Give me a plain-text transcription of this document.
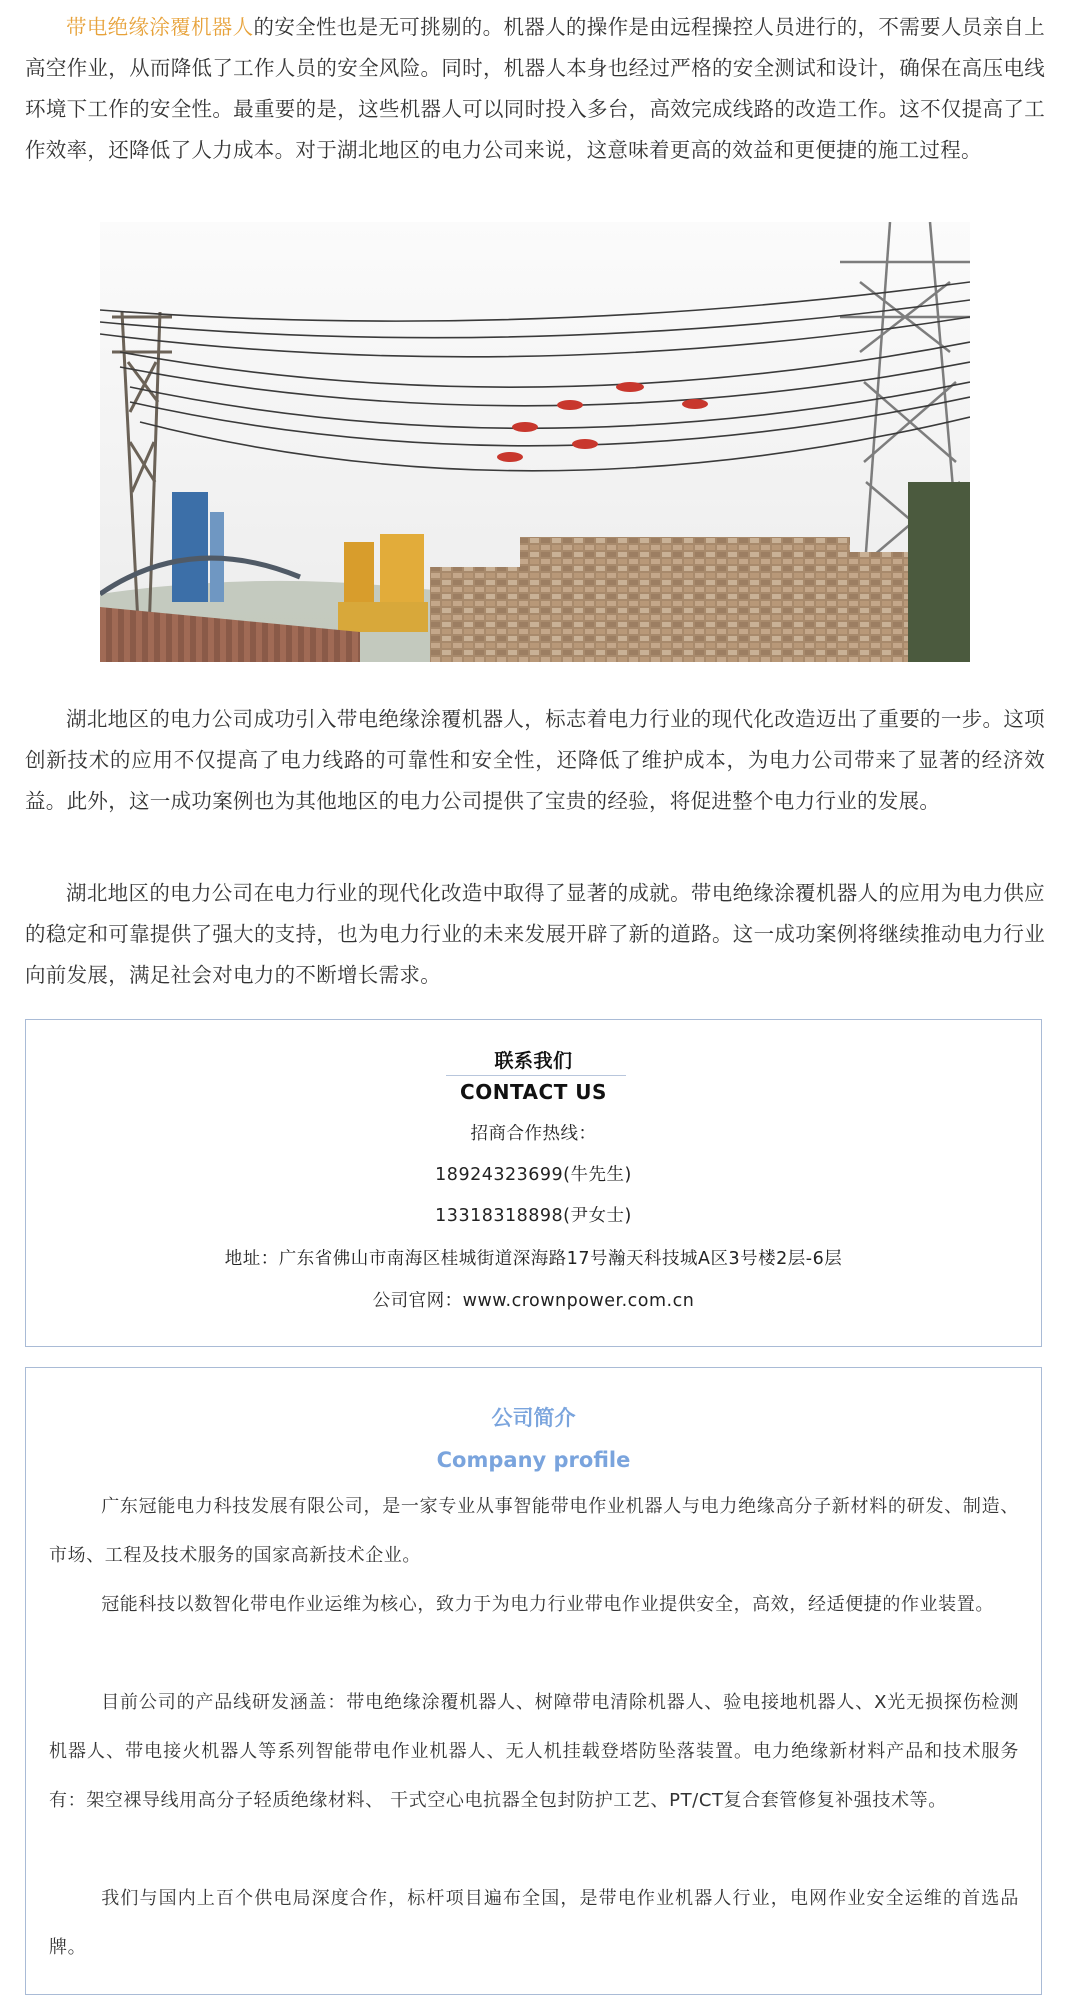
带电绝缘涂覆机器人的安全性也是无可挑剔的。机器人的操作是由远程操控人员进行的，不需要人员亲自上高空作业，从而降低了工作人员的安全风险。同时，机器人本身也经过严格的安全测试和设计，确保在高压电线环境下工作的安全性。最重要的是，这些机器人可以同时投入多台，高效完成线路的改造工作。这不仅提高了工作效率，还降低了人力成本。对于湖北地区的电力公司来说，这意味着更高的效益和更便捷的施工过程。

湖北地区的电力公司成功引入带电绝缘涂覆机器人，标志着电力行业的现代化改造迈出了重要的一步。这项创新技术的应用不仅提高了电力线路的可靠性和安全性，还降低了维护成本，为电力公司带来了显著的经济效益。此外，这一成功案例也为其他地区的电力公司提供了宝贵的经验，将促进整个电力行业的发展。

湖北地区的电力公司在电力行业的现代化改造中取得了显著的成就。带电绝缘涂覆机器人的应用为电力供应的稳定和可靠提供了强大的支持，也为电力行业的未来发展开辟了新的道路。这一成功案例将继续推动电力行业向前发展，满足社会对电力的不断增长需求。

联系我们

CONTACT US

招商合作热线：

18924323699(牛先生)

13318318898(尹女士)

地址：广东省佛山市南海区桂城街道深海路17号瀚天科技城A区3号楼2层-6层

公司官网：www.crownpower.com.cn

公司简介

Company profile

广东冠能电力科技发展有限公司，是一家专业从事智能带电作业机器人与电力绝缘高分子新材料的研发、制造、市场、工程及技术服务的国家高新技术企业。

冠能科技以数智化带电作业运维为核心，致力于为电力行业带电作业提供安全，高效，经适便捷的作业装置。

目前公司的产品线研发涵盖：带电绝缘涂覆机器人、树障带电清除机器人、验电接地机器人、X光无损探伤检测机器人、带电接火机器人等系列智能带电作业机器人、无人机挂载登塔防坠落装置。电力绝缘新材料产品和技术服务有：架空裸导线用高分子轻质绝缘材料、 干式空心电抗器全包封防护工艺、PT/CT复合套管修复补强技术等。

我们与国内上百个供电局深度合作，标杆项目遍布全国，是带电作业机器人行业，电网作业安全运维的首选品牌。
